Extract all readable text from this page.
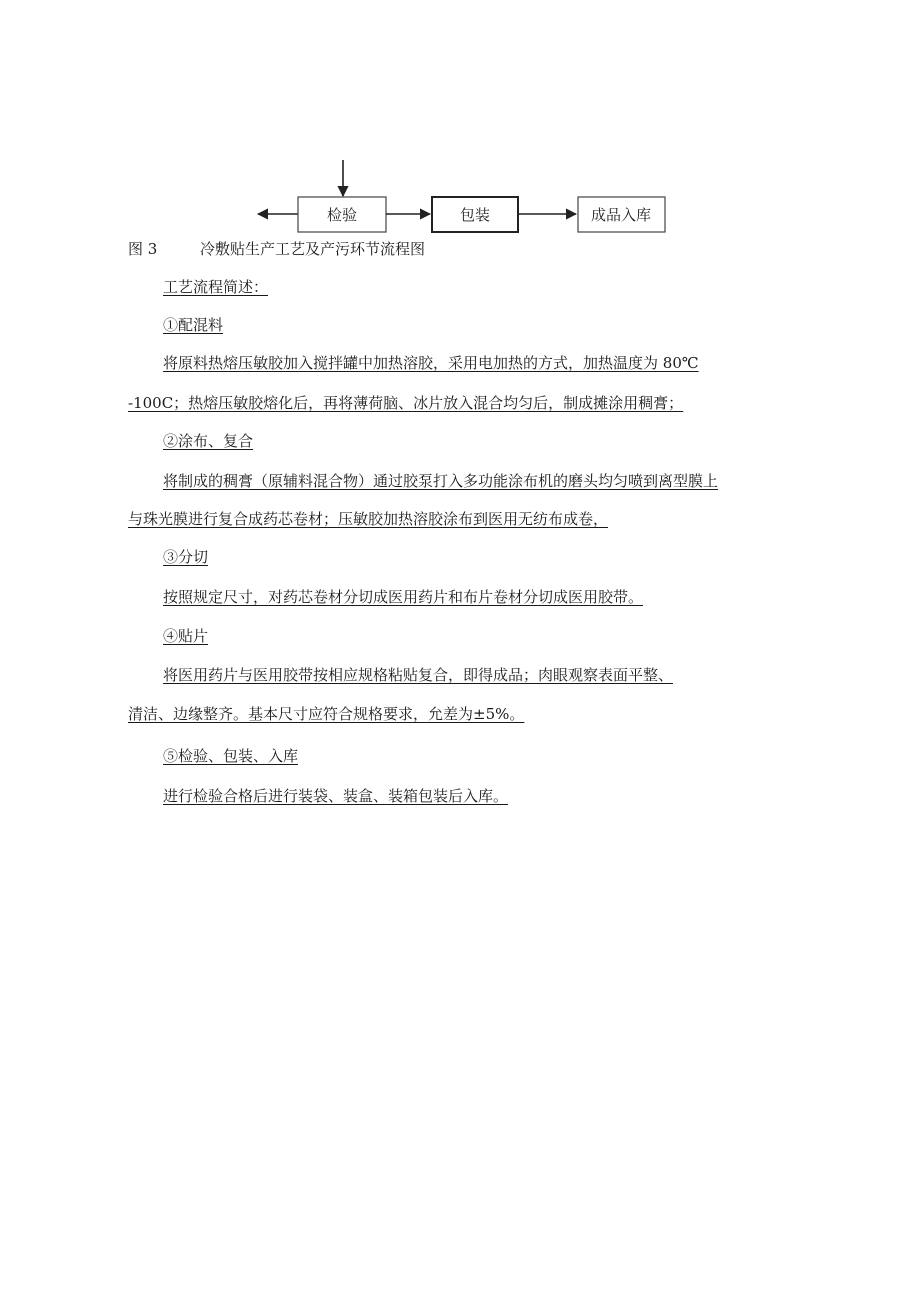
检验	包装	成品入库
图 3	冷敷贴生产工艺及产污环节流程图
工艺流程简述：
①配混料
将原料热熔压敏胶加入搅拌罐中加热溶胶，采用电加热的方式，加热温度为 80℃
-100C；热熔压敏胶熔化后，再将薄荷脑、冰片放入混合均匀后，制成摊涂用稠膏；
②涂布、复合
将制成的稠膏（原辅料混合物）通过胶泵打入多功能涂布机的磨头均匀喷到离型膜上
与珠光膜进行复合成药芯卷材；压敏胶加热溶胶涂布到医用无纺布成卷，
③分切
按照规定尺寸，对药芯卷材分切成医用药片和布片卷材分切成医用胶带。
④贴片
将医用药片与医用胶带按相应规格粘贴复合，即得成品；肉眼观察表面平整、
清洁、边缘整齐。基本尺寸应符合规格要求，允差为±5%。
⑤检验、包装、入库
进行检验合格后进行装袋、装盒、装箱包装后入库。
